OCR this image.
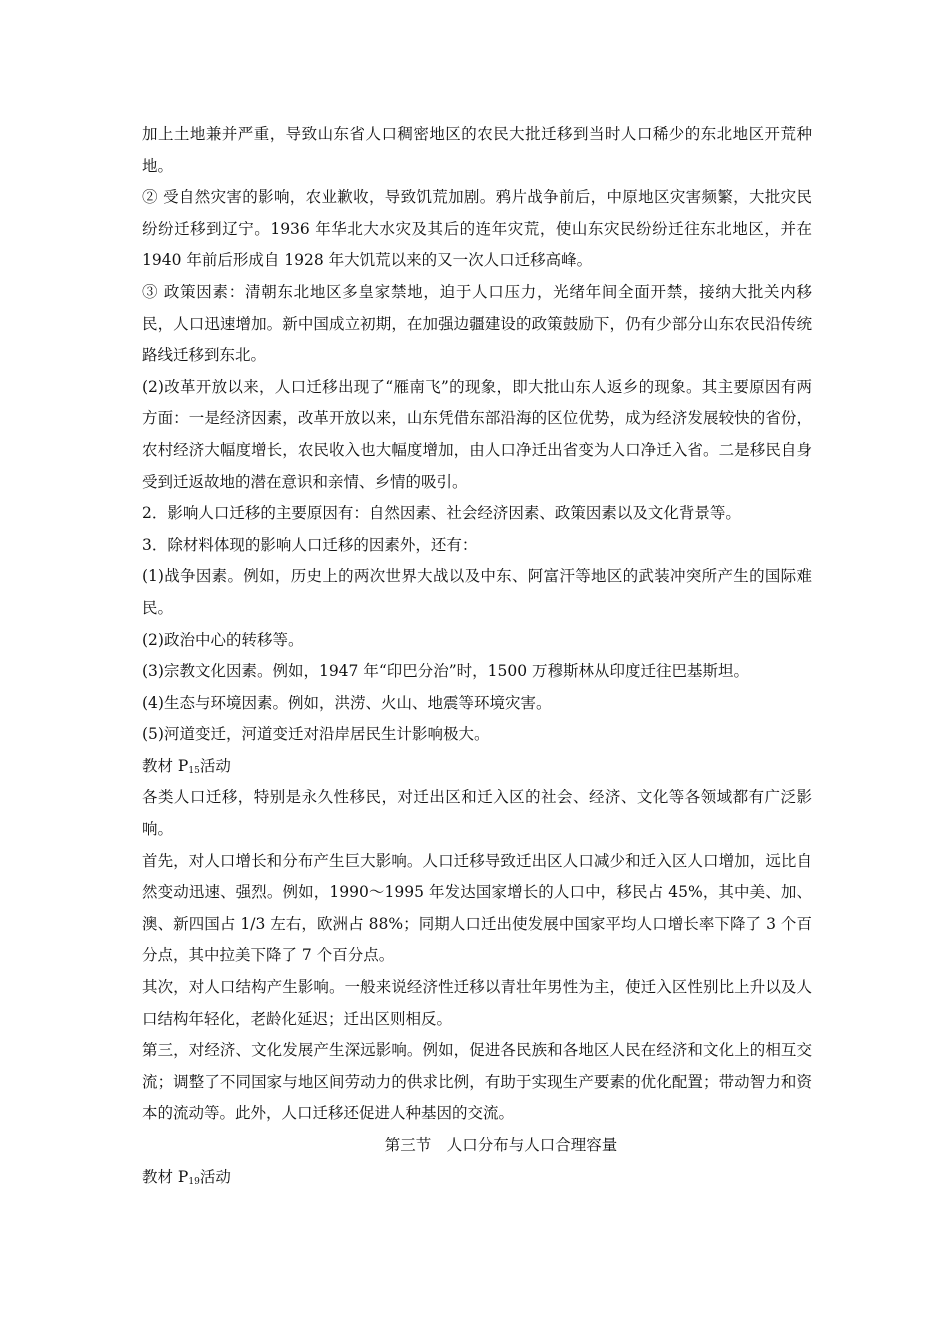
加上土地兼并严重，导致山东省人口稠密地区的农民大批迁移到当时人口稀少的东北地区开荒种地。

② 受自然灾害的影响，农业歉收，导致饥荒加剧。鸦片战争前后，中原地区灾害频繁，大批灾民纷纷迁移到辽宁。1936 年华北大水灾及其后的连年灾荒，使山东灾民纷纷迁往东北地区，并在 1940 年前后形成自 1928 年大饥荒以来的又一次人口迁移高峰。

③ 政策因素：清朝东北地区多皇家禁地，迫于人口压力，光绪年间全面开禁，接纳大批关内移民，人口迅速增加。新中国成立初期，在加强边疆建设的政策鼓励下，仍有少部分山东农民沿传统路线迁移到东北。

(2)改革开放以来，人口迁移出现了“雁南飞”的现象，即大批山东人返乡的现象。其主要原因有两方面：一是经济因素，改革开放以来，山东凭借东部沿海的区位优势，成为经济发展较快的省份，农村经济大幅度增长，农民收入也大幅度增加，由人口净迁出省变为人口净迁入省。二是移民自身受到迁返故地的潜在意识和亲情、乡情的吸引。

2．影响人口迁移的主要原因有：自然因素、社会经济因素、政策因素以及文化背景等。

3．除材料体现的影响人口迁移的因素外，还有：

(1)战争因素。例如，历史上的两次世界大战以及中东、阿富汗等地区的武装冲突所产生的国际难民。

(2)政治中心的转移等。

(3)宗教文化因素。例如，1947 年“印巴分治”时，1500 万穆斯林从印度迁往巴基斯坦。

(4)生态与环境因素。例如，洪涝、火山、地震等环境灾害。

(5)河道变迁，河道变迁对沿岸居民生计影响极大。

教材 $P_{15}$活动

各类人口迁移，特别是永久性移民，对迁出区和迁入区的社会、经济、文化等各领域都有广泛影响。

首先，对人口增长和分布产生巨大影响。人口迁移导致迁出区人口减少和迁入区人口增加，远比自然变动迅速、强烈。例如，1990～1995 年发达国家增长的人口中，移民占 45%，其中美、加、澳、新四国占 1/3 左右，欧洲占 88%；同期人口迁出使发展中国家平均人口增长率下降了 3 个百分点，其中拉美下降了 7 个百分点。

其次，对人口结构产生影响。一般来说经济性迁移以青壮年男性为主，使迁入区性别比上升以及人口结构年轻化，老龄化延迟；迁出区则相反。

第三，对经济、文化发展产生深远影响。例如，促进各民族和各地区人民在经济和文化上的相互交流；调整了不同国家与地区间劳动力的供求比例，有助于实现生产要素的优化配置；带动智力和资本的流动等。此外，人口迁移还促进人种基因的交流。

第三节　人口分布与人口合理容量

教材 $P_{19}$活动
